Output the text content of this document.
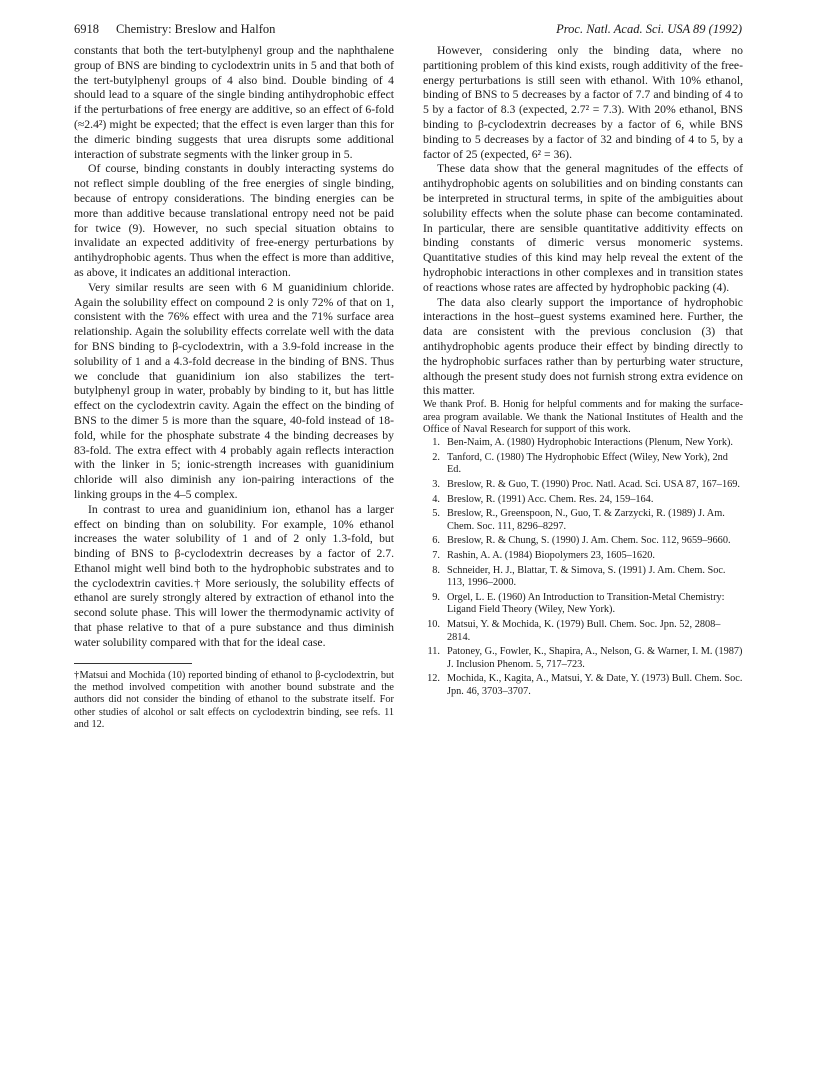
6918 Chemistry: Breslow and Halfon	Proc. Natl. Acad. Sci. USA 89 (1992)

constants that both the tert-butylphenyl group and the naphthalene group of BNS are binding to cyclodextrin units in 5 and that both of the tert-butylphenyl groups of 4 also bind. Double binding of 4 should lead to a square of the single binding antihydrophobic effect if the perturbations of free energy are additive, so an effect of 6-fold (≈2.4²) might be expected; that the effect is even larger than this for the dimeric binding suggests that urea disrupts some additional interaction of substrate segments with the linker group in 5.

Of course, binding constants in doubly interacting systems do not reflect simple doubling of the free energies of single binding, because of entropy considerations. The binding energies can be more than additive because translational entropy need not be paid for twice (9). However, no such special situation obtains to invalidate an expected additivity of free-energy perturbations by antihydrophobic agents. Thus when the effect is more than additive, as above, it indicates an additional interaction.

Very similar results are seen with 6 M guanidinium chloride. Again the solubility effect on compound 2 is only 72% of that on 1, consistent with the 76% effect with urea and the 71% surface area relationship. Again the solubility effects correlate well with the data for BNS binding to β-cyclodextrin, with a 3.9-fold increase in the solubility of 1 and a 4.3-fold decrease in the binding of BNS. Thus we conclude that guanidinium ion also stabilizes the tert-butylphenyl group in water, probably by binding to it, but has little effect on the cyclodextrin cavity. Again the effect on the binding of BNS to the dimer 5 is more than the square, 40-fold instead of 18-fold, while for the phosphate substrate 4 the binding decreases by 83-fold. The extra effect with 4 probably again reflects interaction with the linker in 5; ionic-strength increases with guanidinium chloride will also diminish any ion-pairing interactions of the linking groups in the 4–5 complex.

In contrast to urea and guanidinium ion, ethanol has a larger effect on binding than on solubility. For example, 10% ethanol increases the water solubility of 1 and of 2 only 1.3-fold, but binding of BNS to β-cyclodextrin decreases by a factor of 2.7. Ethanol might well bind both to the hydrophobic substrates and to the cyclodextrin cavities.† More seriously, the solubility effects of ethanol are surely strongly altered by extraction of ethanol into the second solute phase. This will lower the thermodynamic activity of that phase relative to that of a pure substance and thus diminish water solubility compared with that for the ideal case.

†Matsui and Mochida (10) reported binding of ethanol to β-cyclodextrin, but the method involved competition with another bound substrate and the authors did not consider the binding of ethanol to the substrate itself. For other studies of alcohol or salt effects on cyclodextrin binding, see refs. 11 and 12.

However, considering only the binding data, where no partitioning problem of this kind exists, rough additivity of the free-energy perturbations is still seen with ethanol. With 10% ethanol, binding of BNS to 5 decreases by a factor of 7.7 and binding of 4 to 5 by a factor of 8.3 (expected, 2.7² = 7.3). With 20% ethanol, BNS binding to β-cyclodextrin decreases by a factor of 6, while BNS binding to 5 decreases by a factor of 32 and binding of 4 to 5, by a factor of 25 (expected, 6² = 36).

These data show that the general magnitudes of the effects of antihydrophobic agents on solubilities and on binding constants can be interpreted in structural terms, in spite of the ambiguities about solubility effects when the solute phase can become contaminated. In particular, there are sensible quantitative additivity effects on binding constants of dimeric versus monomeric systems. Quantitative studies of this kind may help reveal the extent of the hydrophobic interactions in other complexes and in transition states of reactions whose rates are affected by hydrophobic packing (4).

The data also clearly support the importance of hydrophobic interactions in the host–guest systems examined here. Further, the data are consistent with the previous conclusion (3) that antihydrophobic agents produce their effect by binding directly to the hydrophobic surfaces rather than by perturbing water structure, although the present study does not furnish strong extra evidence on this matter.

We thank Prof. B. Honig for helpful comments and for making the surface-area program available. We thank the National Institutes of Health and the Office of Naval Research for support of this work.

1. Ben-Naim, A. (1980) Hydrophobic Interactions (Plenum, New York).
2. Tanford, C. (1980) The Hydrophobic Effect (Wiley, New York), 2nd Ed.
3. Breslow, R. & Guo, T. (1990) Proc. Natl. Acad. Sci. USA 87, 167–169.
4. Breslow, R. (1991) Acc. Chem. Res. 24, 159–164.
5. Breslow, R., Greenspoon, N., Guo, T. & Zarzycki, R. (1989) J. Am. Chem. Soc. 111, 8296–8297.
6. Breslow, R. & Chung, S. (1990) J. Am. Chem. Soc. 112, 9659–9660.
7. Rashin, A. A. (1984) Biopolymers 23, 1605–1620.
8. Schneider, H. J., Blattar, T. & Simova, S. (1991) J. Am. Chem. Soc. 113, 1996–2000.
9. Orgel, L. E. (1960) An Introduction to Transition-Metal Chemistry: Ligand Field Theory (Wiley, New York).
10. Matsui, Y. & Mochida, K. (1979) Bull. Chem. Soc. Jpn. 52, 2808–2814.
11. Patoney, G., Fowler, K., Shapira, A., Nelson, G. & Warner, I. M. (1987) J. Inclusion Phenom. 5, 717–723.
12. Mochida, K., Kagita, A., Matsui, Y. & Date, Y. (1973) Bull. Chem. Soc. Jpn. 46, 3703–3707.
